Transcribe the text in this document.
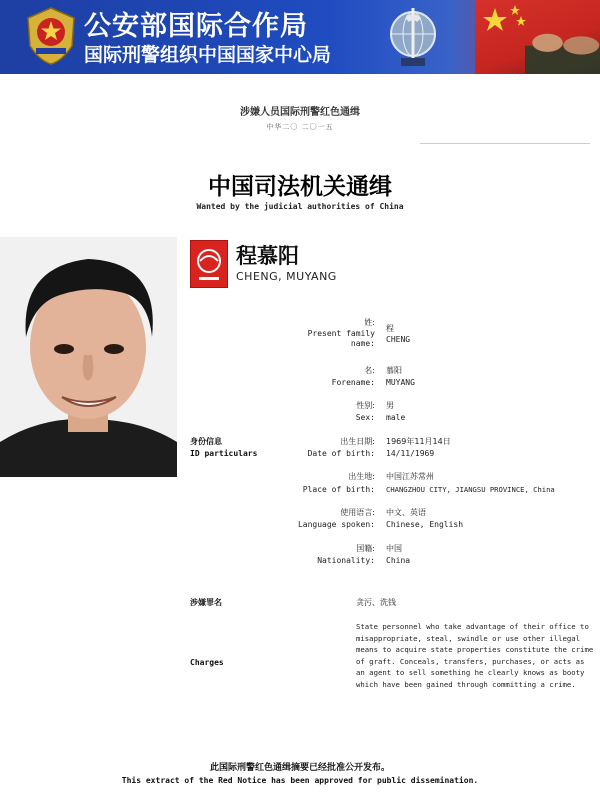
公安部国际合作局
国际刑警组织中国国家中心局
涉嫌人员国际刑警红色通缉
中华二〇 二〇一五
中国司法机关通缉
Wanted by the judicial authorities of China
程慕阳
CHENG, MUYANG
姓:
Present family name:
程
CHENG
名:
Forename:
慕阳
MUYANG
性别:
Sex:
男
male
出生日期:
Date of birth:
1969年11月14日
14/11/1969
出生地:
Place of birth:
中国江苏常州
CHANGZHOU CITY, JIANGSU PROVINCE, China
使用语言:
Language spoken:
中文、英语
Chinese, English
国籍:
Nationality:
中国
China
身份信息
ID particulars
涉嫌罪名
Charges
贪污、洗钱
State personnel who take advantage of their office to misappropriate, steal, swindle or use other illegal means to acquire state properties constitute the crime of graft. Conceals, transfers, purchases, or acts as an agent to sell something he clearly knows as booty which have been gained through committing a crime.
此国际刑警红色通缉摘要已经批准公开发布。
This extract of the Red Notice has been approved for public dissemination.
